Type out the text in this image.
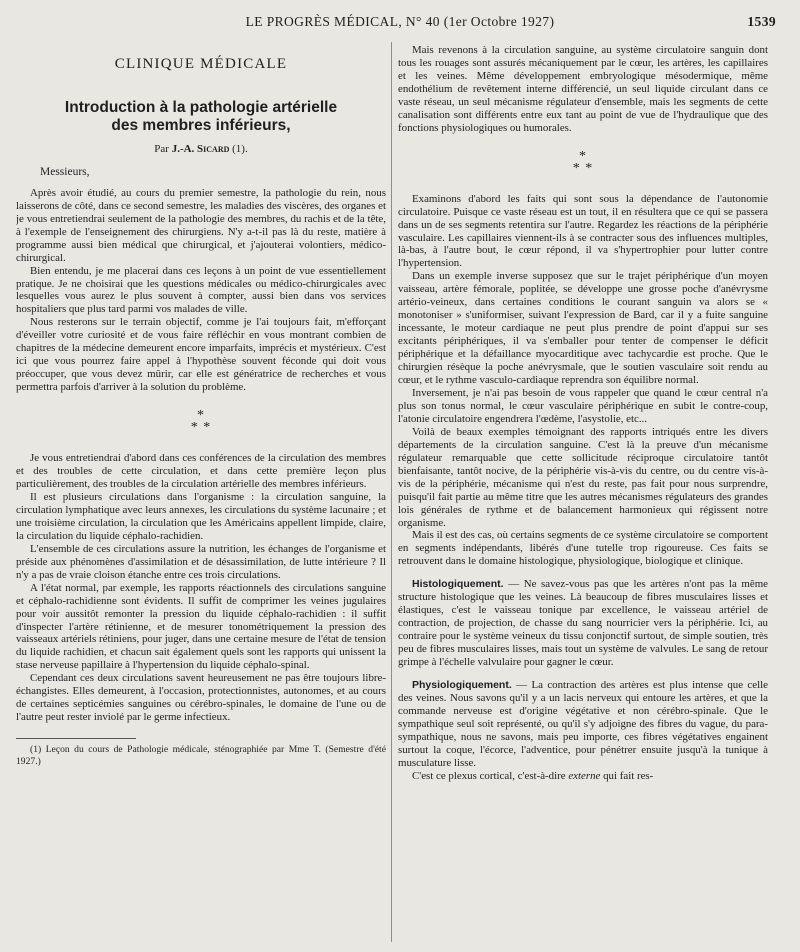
LE PROGRÈS MÉDICAL, N° 40 (1er Octobre 1927)	1539
CLINIQUE MÉDICALE
Introduction à la pathologie artérielle
des membres inférieurs,
Par J.-A. Sicard (1).

Messieurs,

Après avoir étudié, au cours du premier semestre, la pathologie du rein, nous laisserons de côté, dans ce second semestre, les maladies des viscères, des organes et je vous entretiendrai seulement de la pathologie des membres, du rachis et de la tête, à l'exemple de l'enseignement des chirurgiens. N'y a-t-il pas là du reste, matière à programme aussi bien médical que chirurgical, et j'ajouterai volontiers, médico-chirurgical.

Bien entendu, je me placerai dans ces leçons à un point de vue essentiellement pratique. Je ne choisirai que les questions médicales ou médico-chirurgicales avec lesquelles vous aurez le plus souvent à compter, aussi bien dans vos services hospitaliers que plus tard parmi vos malades de ville.

Nous resterons sur le terrain objectif, comme je l'ai toujours fait, m'efforçant d'éveiller votre curiosité et de vous faire réfléchir en vous montrant combien de chapitres de la médecine demeurent encore imparfaits, imprécis et mystérieux. C'est ici que vous pourrez faire appel à l'hypothèse souvent féconde qui doit vous préoccuper, que vous devez mûrir, car elle est génératrice de recherches et vous permettra parfois d'arriver à la solution du problème.

*
* *

Je vous entretiendrai d'abord dans ces conférences de la circulation des membres et des troubles de cette circulation, et dans cette première leçon plus particulièrement, des troubles de la circulation artérielle des membres inférieurs.

Il est plusieurs circulations dans l'organisme : la circulation sanguine, la circulation lymphatique avec leurs annexes, les circulations du système lacunaire ; et une troisième circulation, la circulation que les Américains appellent limpide, claire, la circulation du liquide céphalo-rachidien.

L'ensemble de ces circulations assure la nutrition, les échanges de l'organisme et préside aux phénomènes d'assimilation et de désassimilation, de lutte intérieure ? Il n'y a pas de vraie cloison étanche entre ces trois circulations.

A l'état normal, par exemple, les rapports réactionnels des circulations sanguine et céphalo-rachidienne sont évidents. Il suffit de comprimer les veines jugulaires pour voir aussitôt remonter la pression du liquide céphalo-rachidien : il suffit d'inspecter l'artère rétinienne, et de mesurer tonométriquement la pression des vaisseaux artériels rétiniens, pour juger, dans une certaine mesure de l'état de tension du liquide rachidien, et chacun sait également quels sont les rapports qui unissent la stase nerveuse papillaire à l'hypertension du liquide céphalo-spinal.

Cependant ces deux circulations savent heureusement ne pas être toujours libre-échangistes. Elles demeurent, à l'occasion, protectionnistes, autonomes, et au cours de certaines septicémies sanguines ou cérébro-spinales, le domaine de l'une ou de l'autre peut rester inviolé par le germe infectieux.

(1) Leçon du cours de Pathologie médicale, sténographiée par Mme T. (Semestre d'été 1927.)

Mais revenons à la circulation sanguine, au système circulatoire sanguin dont tous les rouages sont assurés mécaniquement par le cœur, les artères, les capillaires et les veines. Même développement embryologique mésodermique, même endothélium de revêtement interne différencié, un seul liquide circulant dans ce vaste réseau, un seul mécanisme régulateur d'ensemble, mais les segments de cette canalisation sont différents entre eux tant au point de vue de l'hydraulique que des fonctions physiologiques ou humorales.

*
* *

Examinons d'abord les faits qui sont sous la dépendance de l'autonomie circulatoire. Puisque ce vaste réseau est un tout, il en résultera que ce qui se passera dans un de ses segments retentira sur l'autre. Regardez les réactions de la périphérie vasculaire. Les capillaires viennent-ils à se contracter sous des influences multiples, là-bas, à l'autre bout, le cœur répond, il va s'hypertrophier pour lutter contre l'hypertension.

Dans un exemple inverse supposez que sur le trajet périphérique d'un moyen vaisseau, artère fémorale, poplitée, se développe une grosse poche d'anévrysme artério-veineux, dans certaines conditions le courant sanguin va alors se « monotoniser » s'uniformiser, suivant l'expression de Bard, car il y a fuite sanguine incessante, le moteur cardiaque ne peut plus prendre de point d'appui sur ses excitants périphériques, il va s'emballer pour tenter de compenser le déficit périphérique et la défaillance myocarditique avec tachycardie est proche. Que le chirurgien résèque la poche anévrysmale, que le soutien vasculaire soit rendu au cœur, et le rythme vasculo-cardiaque reprendra son équilibre normal.

Inversement, je n'ai pas besoin de vous rappeler que quand le cœur central n'a plus son tonus normal, le cœur vasculaire périphérique en subit le contre-coup, l'atonie circulatoire engendrera l'œdème, l'asystolie, etc...

Voilà de beaux exemples témoignant des rapports intriqués entre les divers départements de la circulation sanguine. C'est là la preuve d'un mécanisme régulateur remarquable que cette sollicitude réciproque circulatoire tantôt bienfaisante, tantôt nocive, de la périphérie vis-à-vis du centre, ou du centre vis-à-vis de la périphérie, mécanisme qui n'est du reste, pas fait pour nous surprendre, puisqu'il fait partie au même titre que les autres mécanismes régulateurs des grandes lois générales de rythme et de balancement harmonieux qui régissent notre organisme.

Mais il est des cas, où certains segments de ce système circulatoire se comportent en segments indépendants, libérés d'une tutelle trop rigoureuse. Ces faits se retrouvent dans le domaine histologique, physiologique, biologique et clinique.

Histologiquement. — Ne savez-vous pas que les artères n'ont pas la même structure histologique que les veines. Là beaucoup de fibres musculaires lisses et élastiques, c'est le vaisseau tonique par excellence, le vaisseau artériel de contraction, de projection, de chasse du sang nourricier vers la périphérie. Ici, au contraire pour le système veineux du tissu conjonctif surtout, de simple soutien, très peu de fibres musculaires lisses, mais tout un système de valvules. Le sang de retour grimpe à l'échelle valvulaire pour gagner le cœur.

Physiologiquement. — La contraction des artères est plus intense que celle des veines. Nous savons qu'il y a un lacis nerveux qui entoure les artères, et que la commande nerveuse est d'origine végétative et non cérébro-spinale. Que le sympathique seul soit représenté, ou qu'il s'y adjoigne des fibres du vague, du para-sympathique, nous ne savons, mais peu importe, ces fibres végétatives engainent surtout la coque, l'écorce, l'adventice, pour pénétrer ensuite jusqu'à la tunique à musculature lisse.

C'est ce plexus cortical, c'est-à-dire externe qui fait res-
